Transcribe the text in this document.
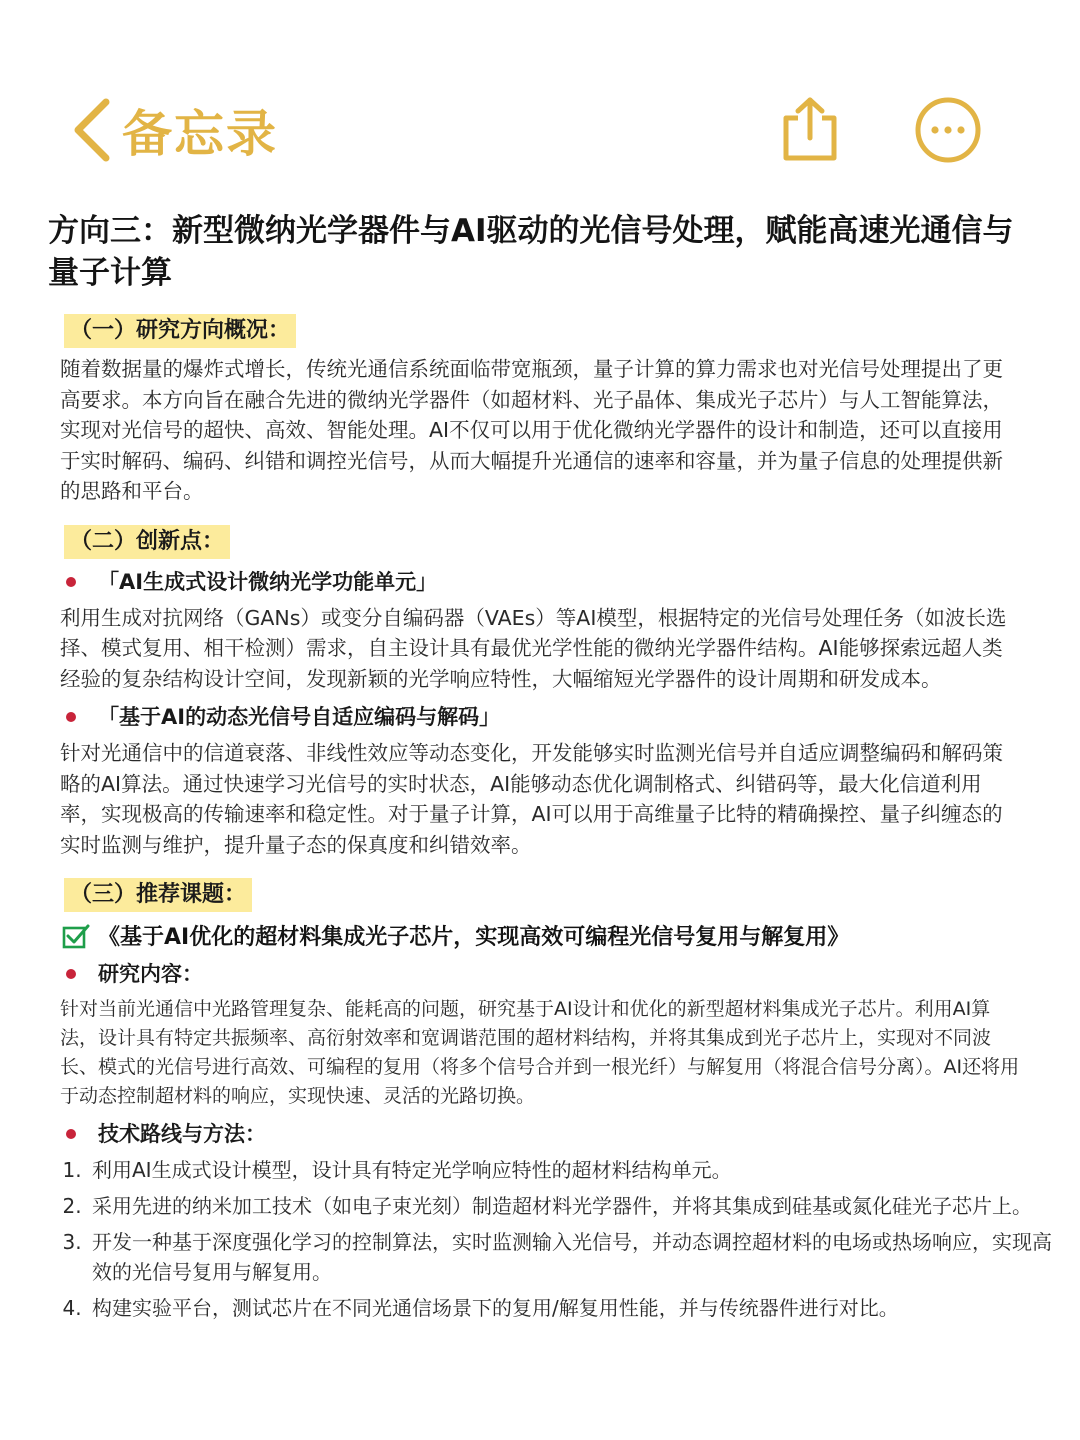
备忘录
方向三：新型微纳光学器件与AI驱动的光信号处理，赋能高速光通信与量子计算
（一）研究方向概况：

随着数据量的爆炸式增长，传统光通信系统面临带宽瓶颈，量子计算的算力需求也对光信号处理提出了更高要求。本方向旨在融合先进的微纳光学器件（如超材料、光子晶体、集成光子芯片）与人工智能算法，实现对光信号的超快、高效、智能处理。AI不仅可以用于优化微纳光学器件的设计和制造，还可以直接用于实时解码、编码、纠错和调控光信号，从而大幅提升光通信的速率和容量，并为量子信息的处理提供新的思路和平台。

（二）创新点：
「AI生成式设计微纳光学功能单元」

利用生成对抗网络（GANs）或变分自编码器（VAEs）等AI模型，根据特定的光信号处理任务（如波长选择、模式复用、相干检测）需求，自主设计具有最优光学性能的微纳光学器件结构。AI能够探索远超人类经验的复杂结构设计空间，发现新颖的光学响应特性，大幅缩短光学器件的设计周期和研发成本。

「基于AI的动态光信号自适应编码与解码」

针对光通信中的信道衰落、非线性效应等动态变化，开发能够实时监测光信号并自适应调整编码和解码策略的AI算法。通过快速学习光信号的实时状态，AI能够动态优化调制格式、纠错码等，最大化信道利用率，实现极高的传输速率和稳定性。对于量子计算，AI可以用于高维量子比特的精确操控、量子纠缠态的实时监测与维护，提升量子态的保真度和纠错效率。

（三）推荐课题：
《基于AI优化的超材料集成光子芯片，实现高效可编程光信号复用与解复用》
研究内容：

针对当前光通信中光路管理复杂、能耗高的问题，研究基于AI设计和优化的新型超材料集成光子芯片。利用AI算法，设计具有特定共振频率、高衍射效率和宽调谐范围的超材料结构，并将其集成到光子芯片上，实现对不同波长、模式的光信号进行高效、可编程的复用（将多个信号合并到一根光纤）与解复用（将混合信号分离）。AI还将用于动态控制超材料的响应，实现快速、灵活的光路切换。

技术路线与方法：
1. 利用AI生成式设计模型，设计具有特定光学响应特性的超材料结构单元。
2. 采用先进的纳米加工技术（如电子束光刻）制造超材料光学器件，并将其集成到硅基或氮化硅光子芯片上。
3. 开发一种基于深度强化学习的控制算法，实时监测输入光信号，并动态调控超材料的电场或热场响应，实现高效的光信号复用与解复用。
4. 构建实验平台，测试芯片在不同光通信场景下的复用/解复用性能，并与传统器件进行对比。
